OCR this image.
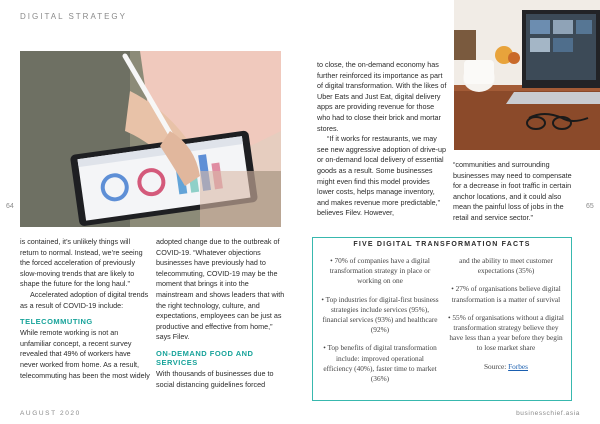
DIGITAL STRATEGY
64	65

to close, the on-demand economy has further reinforced its importance as part of digital transformation. With the likes of Uber Eats and Just Eat, digital delivery apps are providing revenue for those who had to close their brick and mortar stores.

“If it works for restaurants, we may see new aggressive adoption of drive-up or on-demand local delivery of essential goods as a result. Some businesses might even find this model provides lower costs, helps manage inventory, and makes revenue more predictable,” believes Filev. However,

“communities and surrounding businesses may need to compensate for a decrease in foot traffic in certain anchor locations, and it could also mean the painful loss of jobs in the retail and service sector.”

is contained, it’s unlikely things will return to normal. Instead, we’re seeing the forced acceleration of previously slow-moving trends that are likely to shape the future for the long haul.”

Accelerated adoption of digital trends as a result of COVID-19 include:

TELECOMMUTING

While remote working is not an unfamiliar concept, a recent survey revealed that 49% of workers have never worked from home. As a result, telecommuting has been the most widely

adopted change due to the outbreak of COVID-19. “Whatever objections businesses have previously had to telecommuting, COVID-19 may be the moment that brings it into the mainstream and shows leaders that with the right technology, culture, and expectations, employees can be just as productive and effective from home,” says Filev.

ON-DEMAND FOOD AND SERVICES

With thousands of businesses due to social distancing guidelines forced

FIVE DIGITAL TRANSFORMATION FACTS

• 70% of companies have a digital transformation strategy in place or working on one

• Top industries for digital-first business strategies include services (95%), financial services (93%) and healthcare (92%)

• Top benefits of digital transformation include: improved operational efficiency (40%), faster time to market (36%)

and the ability to meet customer expectations (35%)

• 27% of organisations believe digital transformation is a matter of survival

• 55% of organisations without a digital transformation strategy believe they have less than a year before they begin to lose market share

Source: Forbes

AUGUST 2020	businesschief.asia
